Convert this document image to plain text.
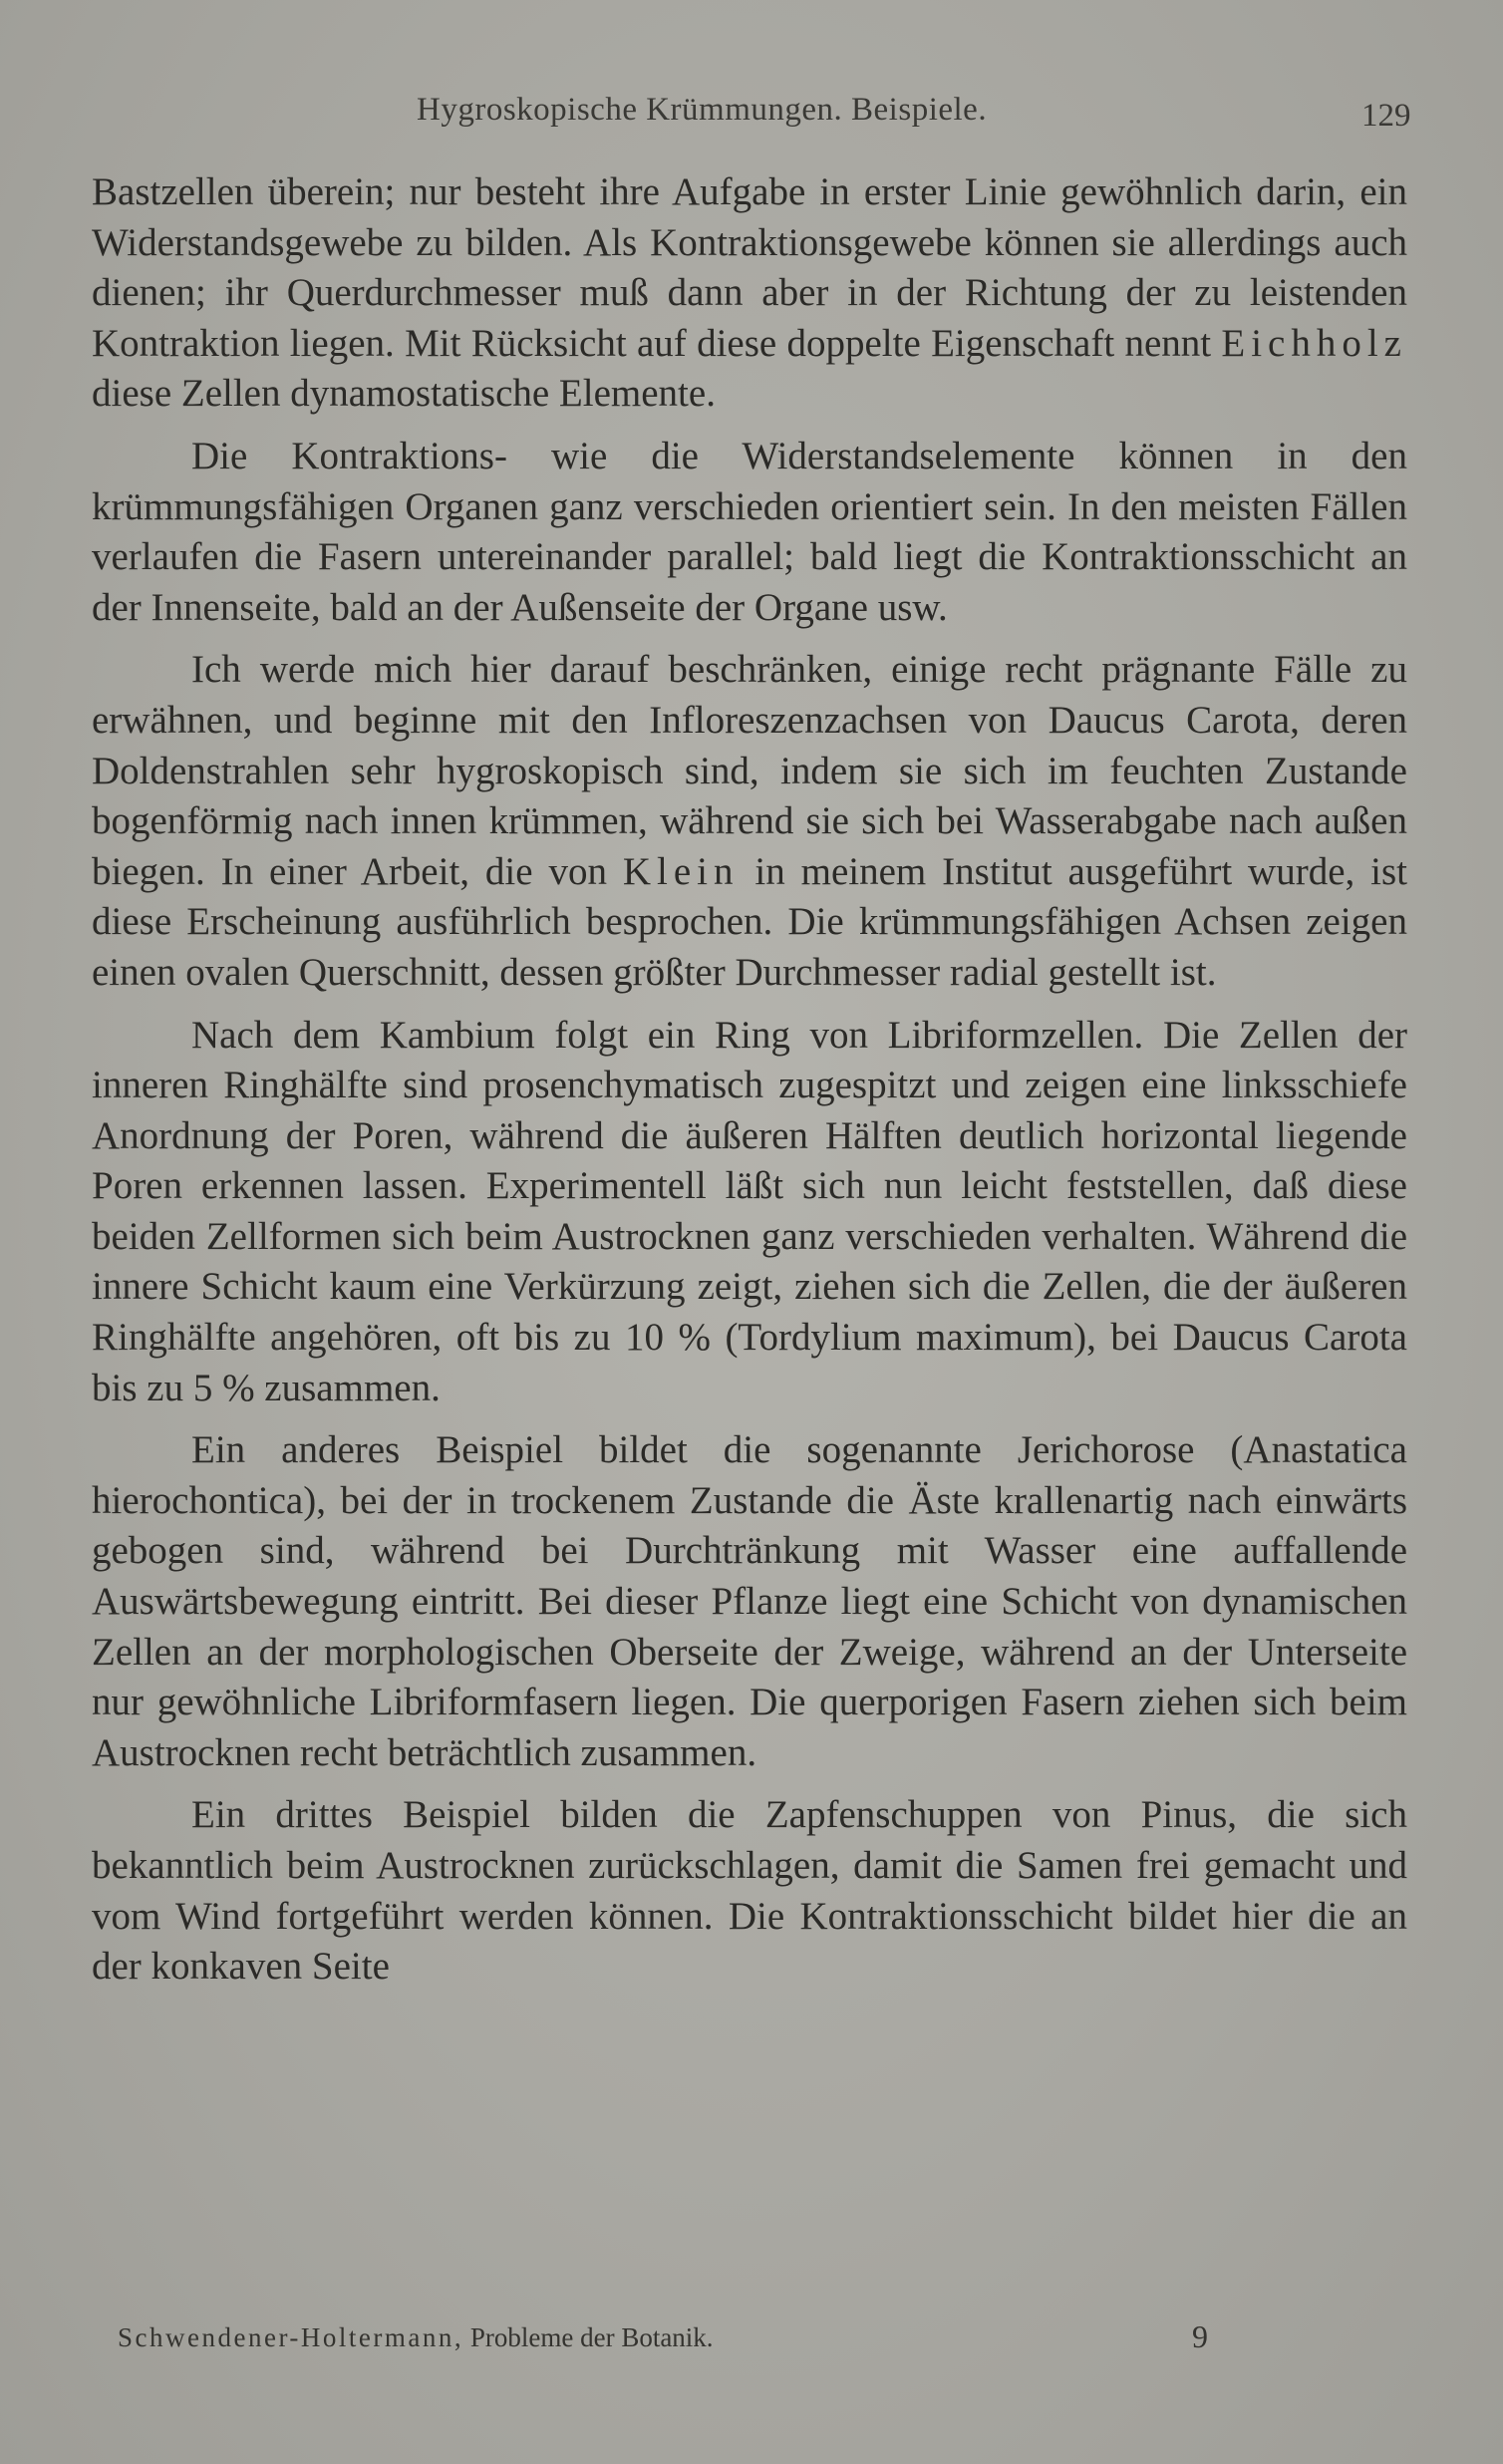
Hygroskopische Krümmungen. Beispiele.	129

Bastzellen überein; nur besteht ihre Aufgabe in erster Linie gewöhnlich darin, ein Widerstandsgewebe zu bilden. Als Kontraktionsgewebe können sie allerdings auch dienen; ihr Querdurchmesser muß dann aber in der Richtung der zu leistenden Kontraktion liegen. Mit Rücksicht auf diese doppelte Eigenschaft nennt Eichholz diese Zellen dynamostatische Elemente.

Die Kontraktions- wie die Widerstandselemente können in den krümmungsfähigen Organen ganz verschieden orientiert sein. In den meisten Fällen verlaufen die Fasern untereinander parallel; bald liegt die Kontraktionsschicht an der Innenseite, bald an der Außenseite der Organe usw.

Ich werde mich hier darauf beschränken, einige recht prägnante Fälle zu erwähnen, und beginne mit den Infloreszenzachsen von Daucus Carota, deren Doldenstrahlen sehr hygroskopisch sind, indem sie sich im feuchten Zustande bogenförmig nach innen krümmen, während sie sich bei Wasserabgabe nach außen biegen. In einer Arbeit, die von Klein in meinem Institut ausgeführt wurde, ist diese Erscheinung ausführlich besprochen. Die krümmungsfähigen Achsen zeigen einen ovalen Querschnitt, dessen größter Durchmesser radial gestellt ist.

Nach dem Kambium folgt ein Ring von Libriformzellen. Die Zellen der inneren Ringhälfte sind prosenchymatisch zugespitzt und zeigen eine linksschiefe Anordnung der Poren, während die äußeren Hälften deutlich horizontal liegende Poren erkennen lassen. Experimentell läßt sich nun leicht feststellen, daß diese beiden Zellformen sich beim Austrocknen ganz verschieden verhalten. Während die innere Schicht kaum eine Verkürzung zeigt, ziehen sich die Zellen, die der äußeren Ringhälfte angehören, oft bis zu 10 % (Tordylium maximum), bei Daucus Carota bis zu 5 % zusammen.

Ein anderes Beispiel bildet die sogenannte Jerichorose (Anastatica hierochontica), bei der in trockenem Zustande die Äste krallenartig nach einwärts gebogen sind, während bei Durchtränkung mit Wasser eine auffallende Auswärtsbewegung eintritt. Bei dieser Pflanze liegt eine Schicht von dynamischen Zellen an der morphologischen Oberseite der Zweige, während an der Unterseite nur gewöhnliche Libriformfasern liegen. Die querporigen Fasern ziehen sich beim Austrocknen recht beträchtlich zusammen.

Ein drittes Beispiel bilden die Zapfenschuppen von Pinus, die sich bekanntlich beim Austrocknen zurückschlagen, damit die Samen frei gemacht und vom Wind fortgeführt werden können. Die Kontraktionsschicht bildet hier die an der konkaven Seite

Schwendener-Holtermann, Probleme der Botanik.	9
